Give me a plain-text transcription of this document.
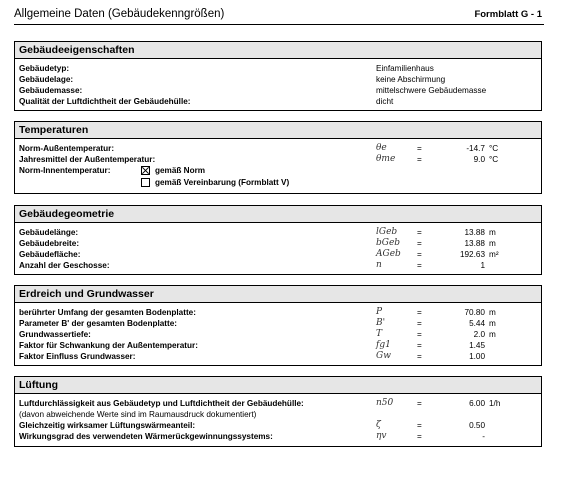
Allgemeine Daten (Gebäudekenngrößen)	Formblatt G - 1
Gebäudeeigenschaften
Gebäudetyp:	Einfamilienhaus
Gebäudelage:	keine Abschirmung
Gebäudemasse:	mittelschwere Gebäudemasse
Qualität der Luftdichtheit der Gebäudehülle:	dicht
Temperaturen
Norm-Außentemperatur:	θe	=	-14.7 °C
Jahresmittel der Außentemperatur:	θme	=	9.0 °C
Norm-Innentemperatur:	gemäß Norm
gemäß Vereinbarung (Formblatt V)
Gebäudegeometrie
Gebäudelänge:	lGeb =	13.88 m
Gebäudebreite:	bGeb =	13.88 m
Gebäudefläche:	AGeb =	192.63 m²
Anzahl der Geschosse:	n	=	1
Erdreich und Grundwasser
berührter Umfang der gesamten Bodenplatte:	P	=	70.80 m
Parameter B' der gesamten Bodenplatte:	B'	=	5.44 m
Grundwassertiefe:	T	=	2.0 m
Faktor für Schwankung der Außentemperatur:	fg1	=	1.45
Faktor Einfluss Grundwasser:	Gw	=	1.00
Lüftung
Luftdurchlässigkeit aus Gebäudetyp und Luftdichtheit der Gebäudehülle:	n50	=	6.00 1/h
(davon abweichende Werte sind im Raumausdruck dokumentiert)
Gleichzeitig wirksamer Lüftungswärmeanteil:	ζ	=	0.50
Wirkungsgrad des verwendeten Wärmerückgewinnungssystems:	ηv	=	-
